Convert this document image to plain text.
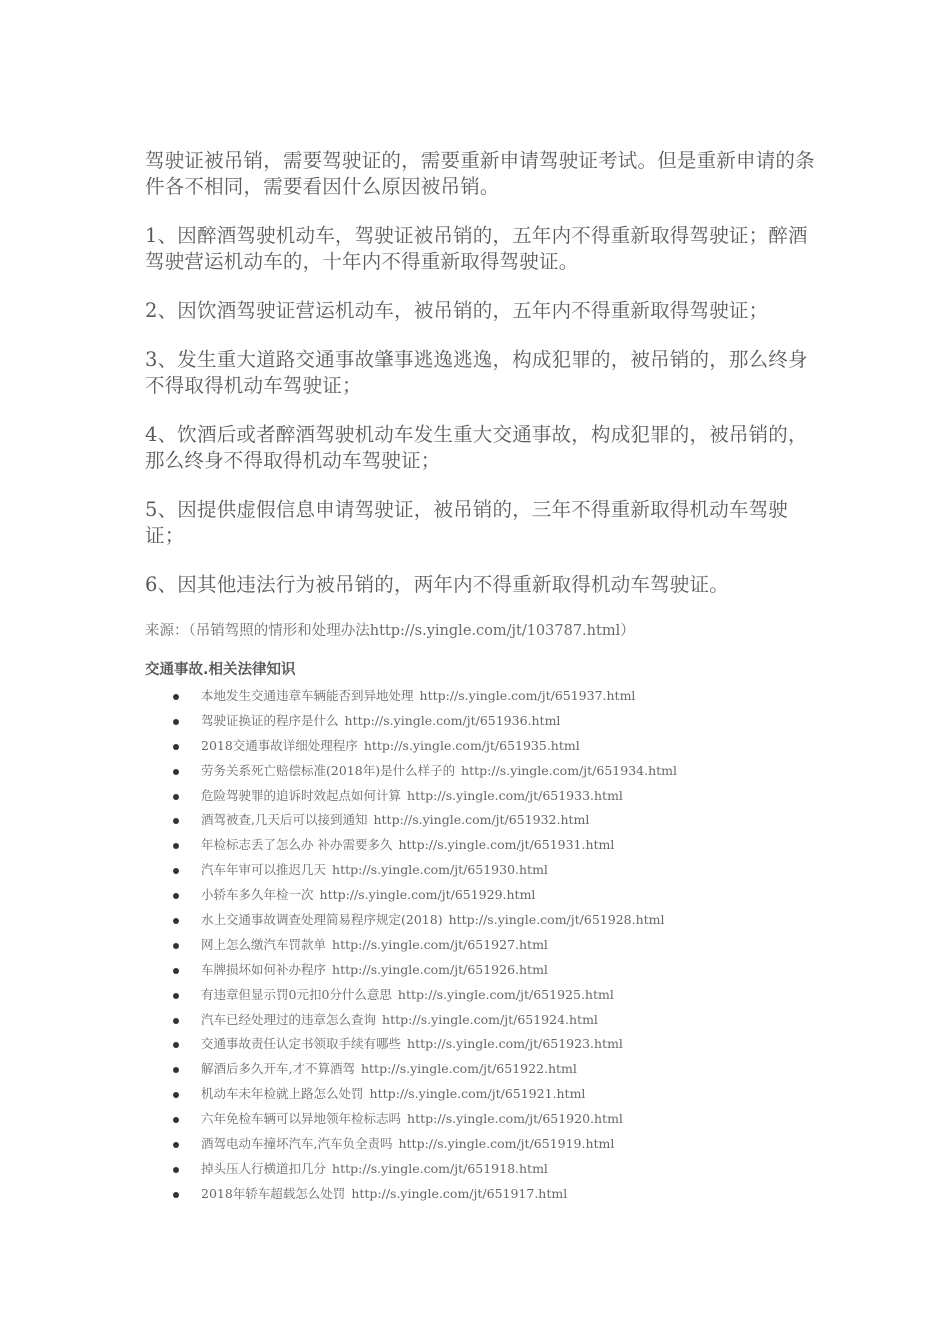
驾驶证被吊销，需要驾驶证的，需要重新申请驾驶证考试。但是重新申请的条件各不相同，需要看因什么原因被吊销。

1、因醉酒驾驶机动车，驾驶证被吊销的，五年内不得重新取得驾驶证；醉酒驾驶营运机动车的，十年内不得重新取得驾驶证。

2、因饮酒驾驶证营运机动车，被吊销的，五年内不得重新取得驾驶证；

3、发生重大道路交通事故肇事逃逸逃逸，构成犯罪的，被吊销的，那么终身不得取得机动车驾驶证；

4、饮酒后或者醉酒驾驶机动车发生重大交通事故，构成犯罪的，被吊销的，那么终身不得取得机动车驾驶证；

5、因提供虚假信息申请驾驶证，被吊销的，三年不得重新取得机动车驾驶证；

6、因其他违法行为被吊销的，两年内不得重新取得机动车驾驶证。

来源：（吊销驾照的情形和处理办法http://s.yingle.com/jt/103787.html）

交通事故.相关法律知识
本地发生交通违章车辆能否到异地处理 http://s.yingle.com/jt/651937.html
驾驶证换证的程序是什么 http://s.yingle.com/jt/651936.html
2018交通事故详细处理程序 http://s.yingle.com/jt/651935.html
劳务关系死亡赔偿标准(2018年)是什么样子的 http://s.yingle.com/jt/651934.html
危险驾驶罪的追诉时效起点如何计算 http://s.yingle.com/jt/651933.html
酒驾被查,几天后可以接到通知 http://s.yingle.com/jt/651932.html
年检标志丢了怎么办 补办需要多久 http://s.yingle.com/jt/651931.html
汽车年审可以推迟几天 http://s.yingle.com/jt/651930.html
小轿车多久年检一次 http://s.yingle.com/jt/651929.html
水上交通事故调查处理简易程序规定(2018) http://s.yingle.com/jt/651928.html
网上怎么缴汽车罚款单 http://s.yingle.com/jt/651927.html
车牌损坏如何补办程序 http://s.yingle.com/jt/651926.html
有违章但显示罚0元扣0分什么意思 http://s.yingle.com/jt/651925.html
汽车已经处理过的违章怎么查询 http://s.yingle.com/jt/651924.html
交通事故责任认定书领取手续有哪些 http://s.yingle.com/jt/651923.html
解酒后多久开车,才不算酒驾 http://s.yingle.com/jt/651922.html
机动车未年检就上路怎么处罚 http://s.yingle.com/jt/651921.html
六年免检车辆可以异地领年检标志吗 http://s.yingle.com/jt/651920.html
酒驾电动车撞坏汽车,汽车负全责吗 http://s.yingle.com/jt/651919.html
掉头压人行横道扣几分 http://s.yingle.com/jt/651918.html
2018年轿车超载怎么处罚 http://s.yingle.com/jt/651917.html
